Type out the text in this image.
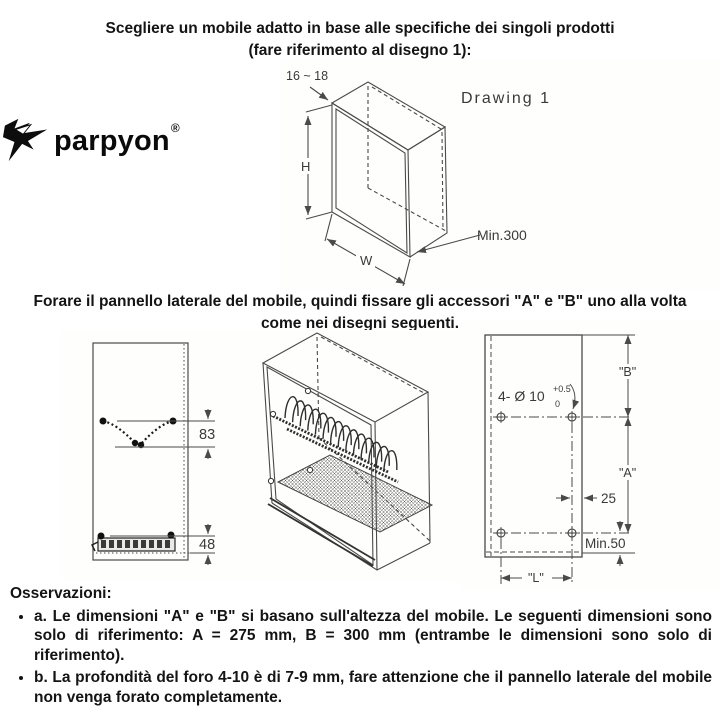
Scegliere un mobile adatto in base alle specifiche dei singoli prodotti
(fare riferimento al disegno 1):
parpyon ®
H
W
Min.300
16 ~ 18
Drawing 1
Forare il pannello laterale del mobile, quindi fissare gli accessori "A" e "B" uno alla volta
come nei disegni seguenti.
83
48
4- Ø 10 +0.5
0
"B"
"A"
25
Min.50
"L"
Osservazioni:
• a. Le dimensioni "A" e "B" si basano sull'altezza del mobile. Le seguenti dimensioni sono solo di riferimento: A = 275 mm, B = 300 mm (entrambe le dimensioni sono solo di riferimento).
• b. La profondità del foro 4-10 è di 7-9 mm, fare attenzione che il pannello laterale del mobile non venga forato completamente.
